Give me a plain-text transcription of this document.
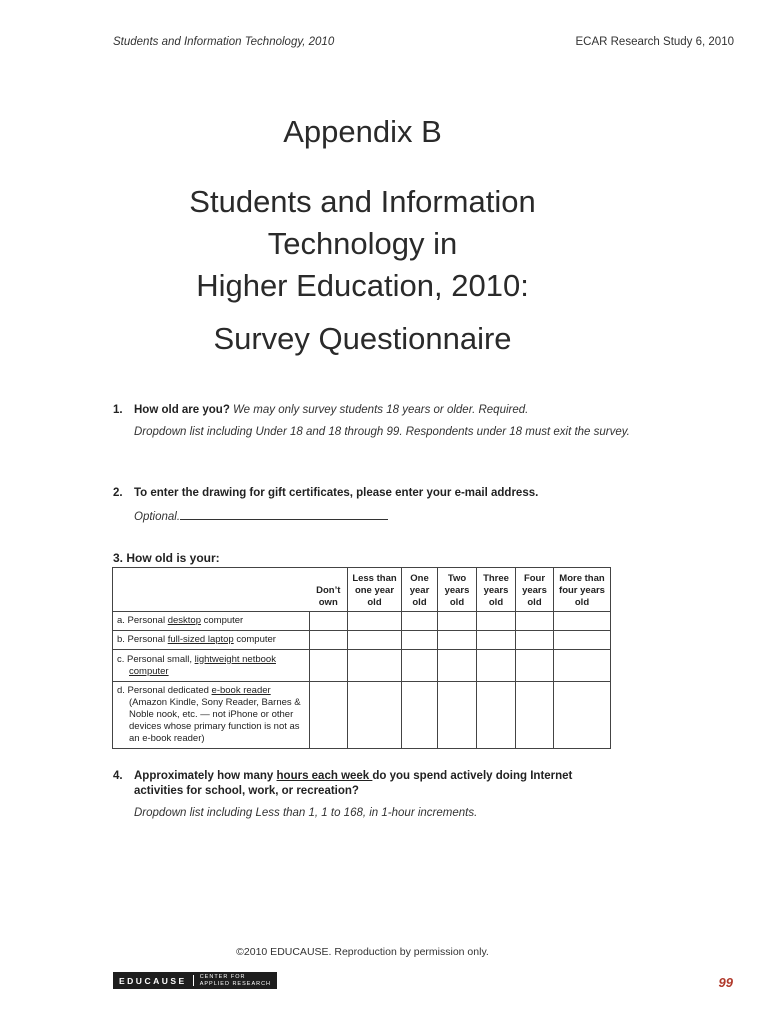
Students and Information Technology, 2010	ECAR Research Study 6, 2010
Appendix B
Students and Information
Technology in
Higher Education, 2010:
Survey Questionnaire
1. How old are you? We may only survey students 18 years or older. Required.
Dropdown list including Under 18 and 18 through 99. Respondents under 18 must exit the survey.
2. To enter the drawing for gift certificates, please enter your e-mail address.
Optional.
3. How old is your:
	Don’t own	Less than one year old	One year old	Two years old	Three years old	Four years old	More than four years old

a. Personal desktop computer							

b. Personal full-sized laptop computer							

c. Personal small, lightweight netbook computer							

d. Personal dedicated e-book reader (Amazon Kindle, Sony Reader, Barnes & Noble nook, etc. — not iPhone or other devices whose primary function is not as an e-book reader)							

4. Approximately how many hours each week do you spend actively doing Internet activities for school, work, or recreation?
Dropdown list including Less than 1, 1 to 168, in 1-hour increments.
©2010 EDUCAUSE. Reproduction by permission only.
EDUCAUSE	CENTER FOR
APPLIED RESEARCH	99
